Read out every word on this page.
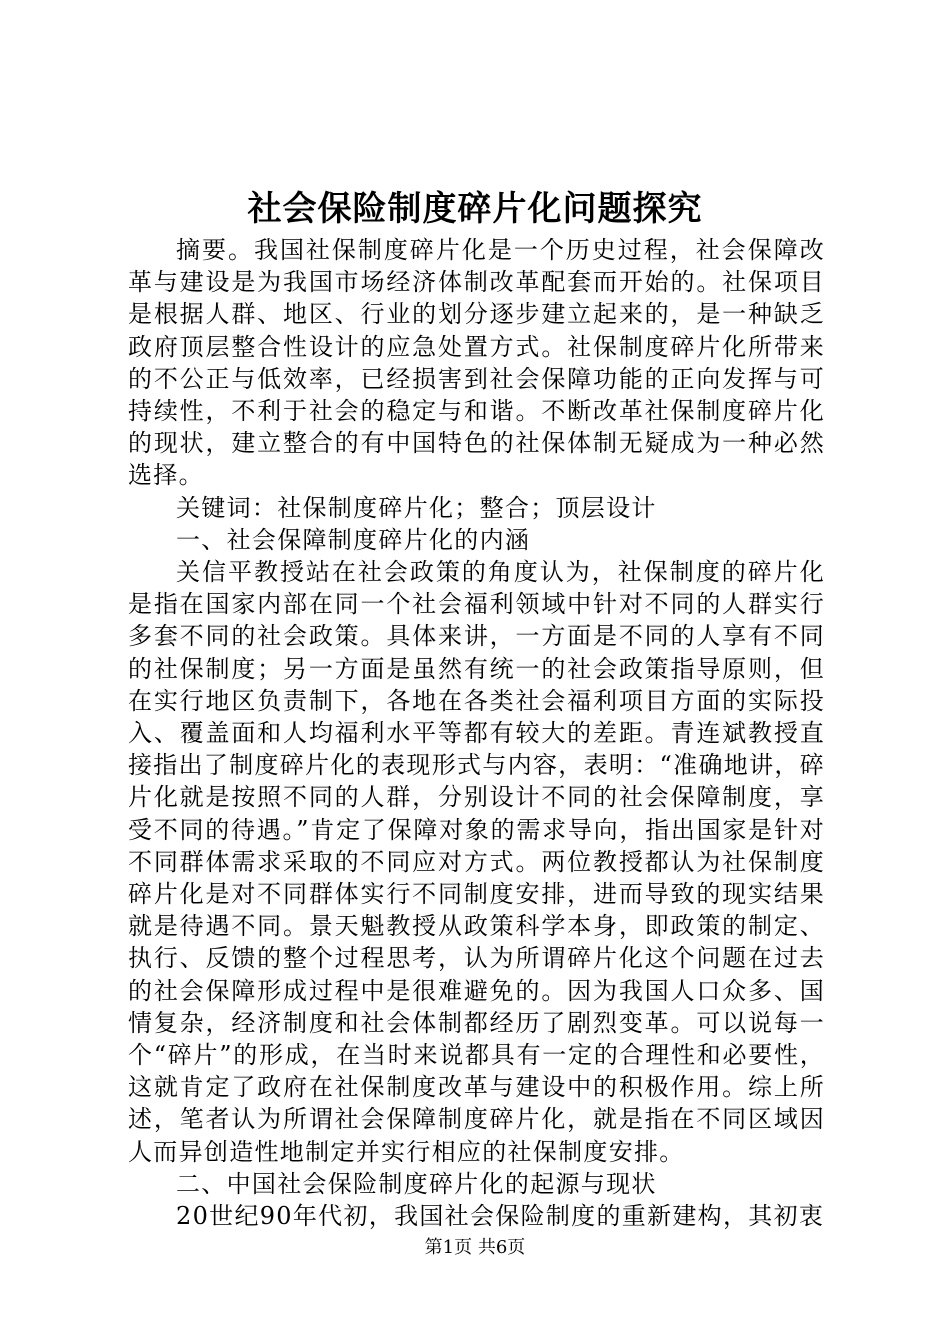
社会保险制度碎片化问题探究

摘要。我国社保制度碎片化是一个历史过程，社会保障改革与建设是为我国市场经济体制改革配套而开始的。社保项目是根据人群、地区、行业的划分逐步建立起来的，是一种缺乏政府顶层整合性设计的应急处置方式。社保制度碎片化所带来的不公正与低效率，已经损害到社会保障功能的正向发挥与可持续性，不利于社会的稳定与和谐。不断改革社保制度碎片化的现状，建立整合的有中国特色的社保体制无疑成为一种必然选择。

关键词：社保制度碎片化；整合；顶层设计

一、社会保障制度碎片化的内涵

关信平教授站在社会政策的角度认为，社保制度的碎片化是指在国家内部在同一个社会福利领域中针对不同的人群实行多套不同的社会政策。具体来讲，一方面是不同的人享有不同的社保制度；另一方面是虽然有统一的社会政策指导原则，但在实行地区负责制下，各地在各类社会福利项目方面的实际投入、覆盖面和人均福利水平等都有较大的差距。青连斌教授直接指出了制度碎片化的表现形式与内容，表明：“准确地讲，碎片化就是按照不同的人群，分别设计不同的社会保障制度，享受不同的待遇。”肯定了保障对象的需求导向，指出国家是针对不同群体需求采取的不同应对方式。两位教授都认为社保制度碎片化是对不同群体实行不同制度安排，进而导致的现实结果就是待遇不同。景天魁教授从政策科学本身，即政策的制定、执行、反馈的整个过程思考，认为所谓碎片化这个问题在过去的社会保障形成过程中是很难避免的。因为我国人口众多、国情复杂，经济制度和社会体制都经历了剧烈变革。可以说每一个“碎片”的形成，在当时来说都具有一定的合理性和必要性，这就肯定了政府在社保制度改革与建设中的积极作用。综上所述，笔者认为所谓社会保障制度碎片化，就是指在不同区域因人而异创造性地制定并实行相应的社保制度安排。

二、中国社会保险制度碎片化的起源与现状

20世纪90年代初，我国社会保险制度的重新建构，其初衷

第1页 共6页
